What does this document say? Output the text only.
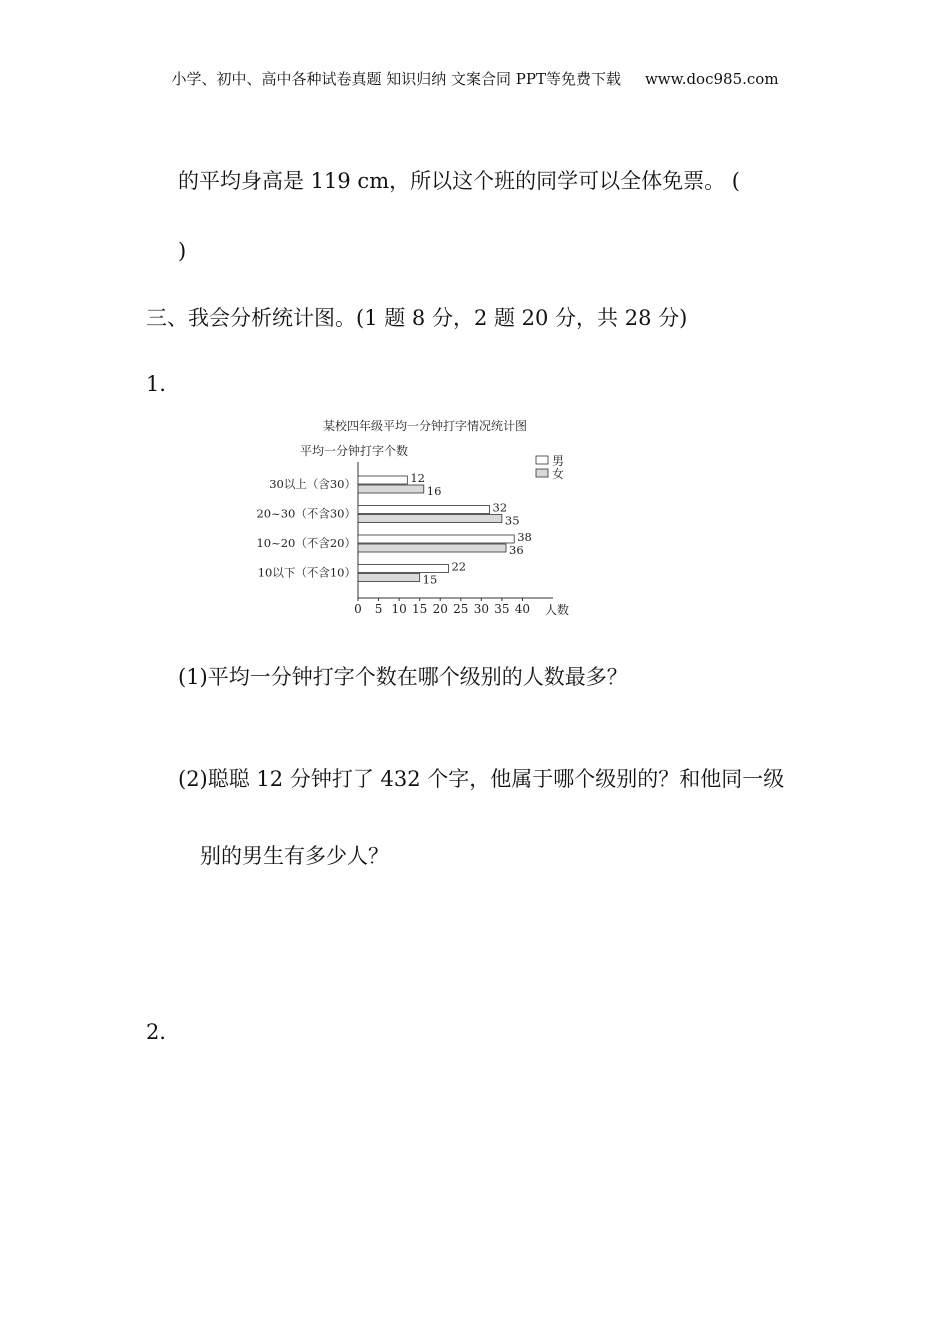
小学、初中、高中各种试卷真题 知识归纳 文案合同 PPT等免费下载 www.doc985.com
的平均身高是 119 cm，所以这个班的同学可以全体免票。 (
)
三、我会分析统计图。(1 题 8 分，2 题 20 分，共 28 分)
1．
某校四年级平均一分钟打字情况统计图
平均一分钟打字个数
男
女
0 5 10 15 20 25 30 35 40 人数
30以上（含30）	12
16
20~30（不含30）	32
35
10~20（不含20）	38
36
10以下（不含10）	22
15
(1)平均一分钟打字个数在哪个级别的人数最多？
(2)聪聪 12 分钟打了 432 个字，他属于哪个级别的？和他同一级
别的男生有多少人？
2．
